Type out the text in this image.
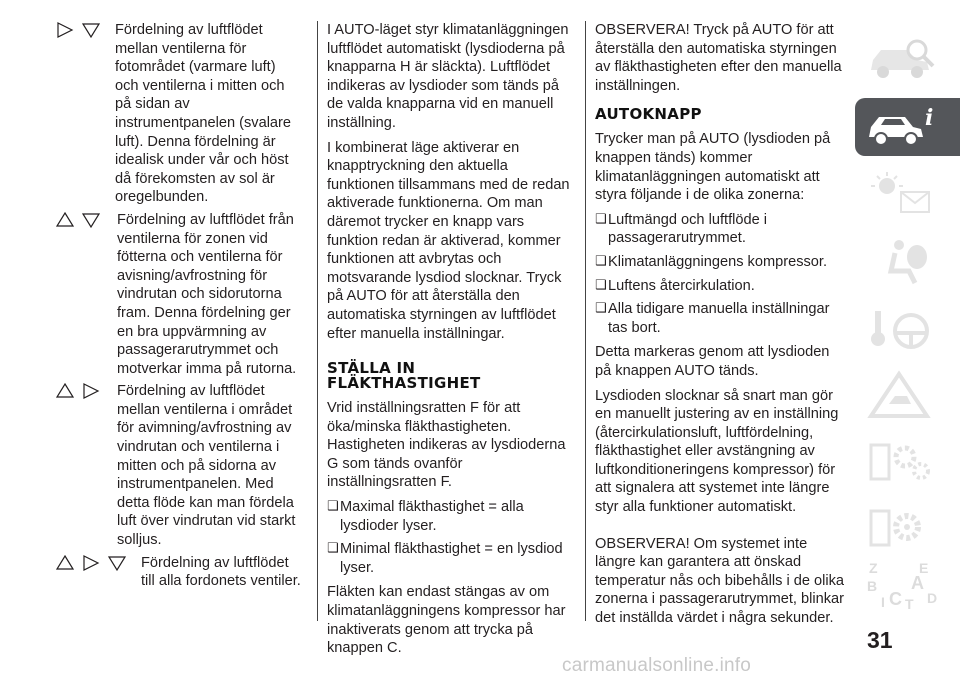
Fördelning av luftflödet mellan ventilerna för fotområdet (varmare luft) och ventilerna i mitten och på sidan av instrumentpanelen (svalare luft). Denna fördelning är idealisk under vår och höst då förekomsten av sol är oregelbunden.
Fördelning av luftflödet från ventilerna för zonen vid fötterna och ventilerna för avisning/avfrostning för vindrutan och sidorutorna fram. Denna fördelning ger en bra uppvärmning av passagerarutrymmet och motverkar imma på rutorna.
Fördelning av luftflödet mellan ventilerna i området för avimning/avfrostning av vindrutan och ventilerna i mitten och på sidorna av instrumentpanelen. Med detta flöde kan man fördela luft över vindrutan vid starkt solljus.
Fördelning av luftflödet till alla fordonets ventiler.

I AUTO-läget styr klimatanläggningen luftflödet automatiskt (lysdioderna på knapparna H är släckta). Luftflödet indikeras av lysdioder som tänds på de valda knapparna vid en manuell inställning.

I kombinerat läge aktiverar en knapptryckning den aktuella funktionen tillsammans med de redan aktiverade funktionerna. Om man däremot trycker en knapp vars funktion redan är aktiverad, kommer funktionen att avbrytas och motsvarande lysdiod slocknar. Tryck på AUTO för att återställa den automatiska styrningen av luftflödet efter manuella inställningar.

STÄLLA IN
FLÄKTHASTIGHET

Vrid inställningsratten F för att öka/minska fläkthastigheten. Hastigheten indikeras av lysdioderna G som tänds ovanför inställningsratten F.

❑ Maximal fläkthastighet = alla lysdioder lyser.
❑ Minimal fläkthastighet = en lysdiod lyser.

Fläkten kan endast stängas av om klimatanläggningens kompressor har inaktiverats genom att trycka på knappen C.

OBSERVERA! Tryck på AUTO för att återställa den automatiska styrningen av fläkthastigheten efter den manuella inställningen.

AUTOKNAPP

Trycker man på AUTO (lysdioden på knappen tänds) kommer klimatanläggningen automatiskt att styra följande i de olika zonerna:

❑ Luftmängd och luftflöde i passagerarutrymmet.
❑ Klimatanläggningens kompressor.
❑ Luftens återcirkulation.
❑ Alla tidigare manuella inställningar tas bort.

Detta markeras genom att lysdioden på knappen AUTO tänds.

Lysdioden slocknar så snart man gör en manuellt justering av en inställning (återcirkulationsluft, luftfördelning, fläkthastighet eller avstängning av luftkonditioneringens kompressor) för att signalera att systemet inte längre styr alla funktioner automatiskt.

OBSERVERA! Om systemet inte längre kan garantera att önskad temperatur nås och bibehålls i de olika zonerna i passagerarutrymmet, blinkar det inställda värdet i några sekunder.

i
Z	E
B A
I C T D
31
carmanualsonline.info
